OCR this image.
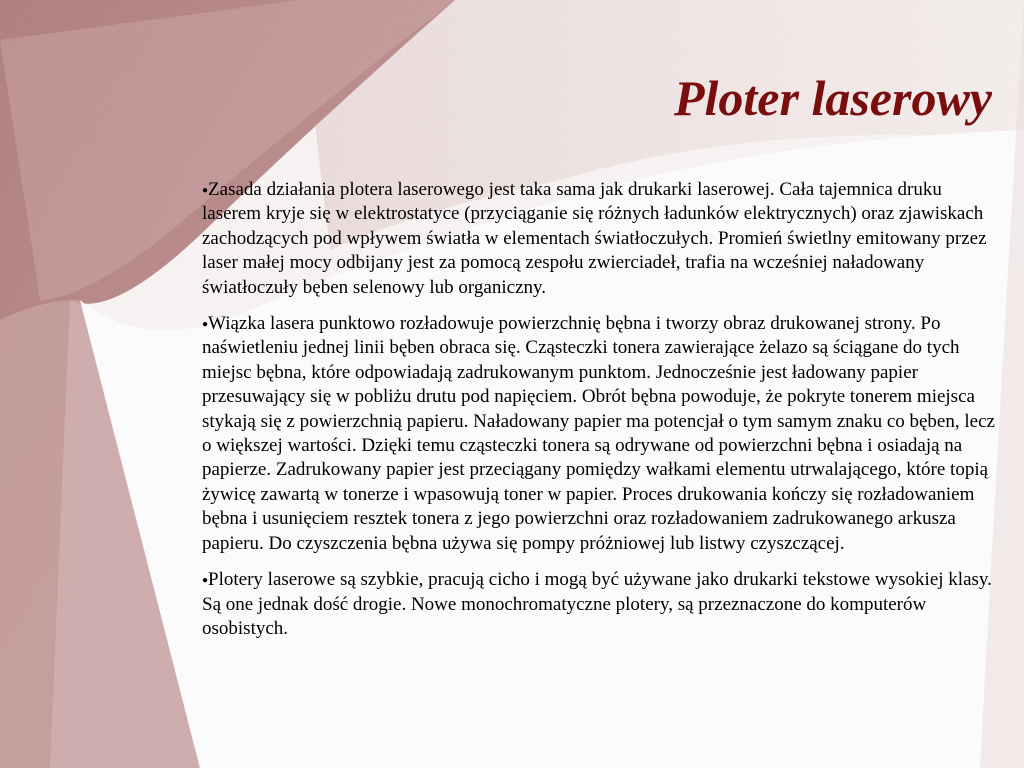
Ploter laserowy

●Zasada działania plotera laserowego jest taka sama jak drukarki laserowej. Cała tajemnica druku laserem kryje się w elektrostatyce (przyciąganie się różnych ładunków elektrycznych) oraz zjawiskach zachodzących pod wpływem światła w elementach światłoczułych. Promień świetlny emitowany przez laser małej mocy odbijany jest za pomocą zespołu zwierciadeł, trafia na wcześniej naładowany światłoczuły bęben selenowy lub organiczny.

●Wiązka lasera punktowo rozładowuje powierzchnię bębna i tworzy obraz drukowanej strony. Po naświetleniu jednej linii bęben obraca się. Cząsteczki tonera zawierające żelazo są ściągane do tych miejsc bębna, które odpowiadają zadrukowanym punktom. Jednocześnie jest ładowany papier przesuwający się w pobliżu drutu pod napięciem. Obrót bębna powoduje, że pokryte tonerem miejsca stykają się z powierzchnią papieru. Naładowany papier ma potencjał o tym samym znaku co bęben, lecz o większej wartości. Dzięki temu cząsteczki tonera są odrywane od powierzchni bębna i osiadają na papierze. Zadrukowany papier jest przeciągany pomiędzy wałkami elementu utrwalającego, które topią żywicę zawartą w tonerze i wpasowują toner w papier. Proces drukowania kończy się rozładowaniem bębna i usunięciem resztek tonera z jego powierzchni oraz rozładowaniem zadrukowanego arkusza papieru. Do czyszczenia bębna używa się pompy próżniowej lub listwy czyszczącej.

●Plotery laserowe są szybkie, pracują cicho i mogą być używane jako drukarki tekstowe wysokiej klasy. Są one jednak dość drogie. Nowe monochromatyczne plotery, są przeznaczone do komputerów osobistych.
